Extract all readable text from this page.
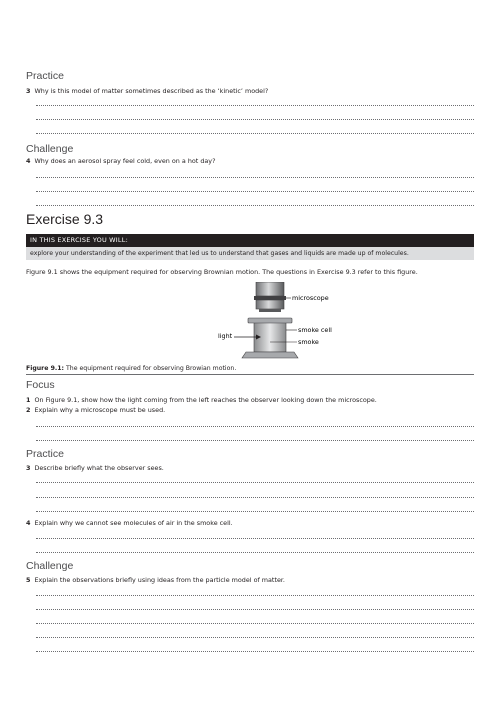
Practice
3 Why is this model of matter sometimes described as the ‘kinetic’ model?
Challenge
4 Why does an aerosol spray feel cold, even on a hot day?
Exercise 9.3
IN THIS EXERCISE YOU WILL:
explore your understanding of the experiment that led us to understand that gases and liquids are made up of molecules.
Figure 9.1 shows the equipment required for observing Brownian motion. The questions in Exercise 9.3 refer to this figure.
microscope
smoke cell
smoke
light
Figure 9.1: The equipment required for observing Browian motion.
Focus
1 On Figure 9.1, show how the light coming from the left reaches the observer looking down the microscope.
2 Explain why a microscope must be used.
Practice
3 Describe briefly what the observer sees.
4 Explain why we cannot see molecules of air in the smoke cell.
Challenge
5 Explain the observations briefly using ideas from the particle model of matter.
